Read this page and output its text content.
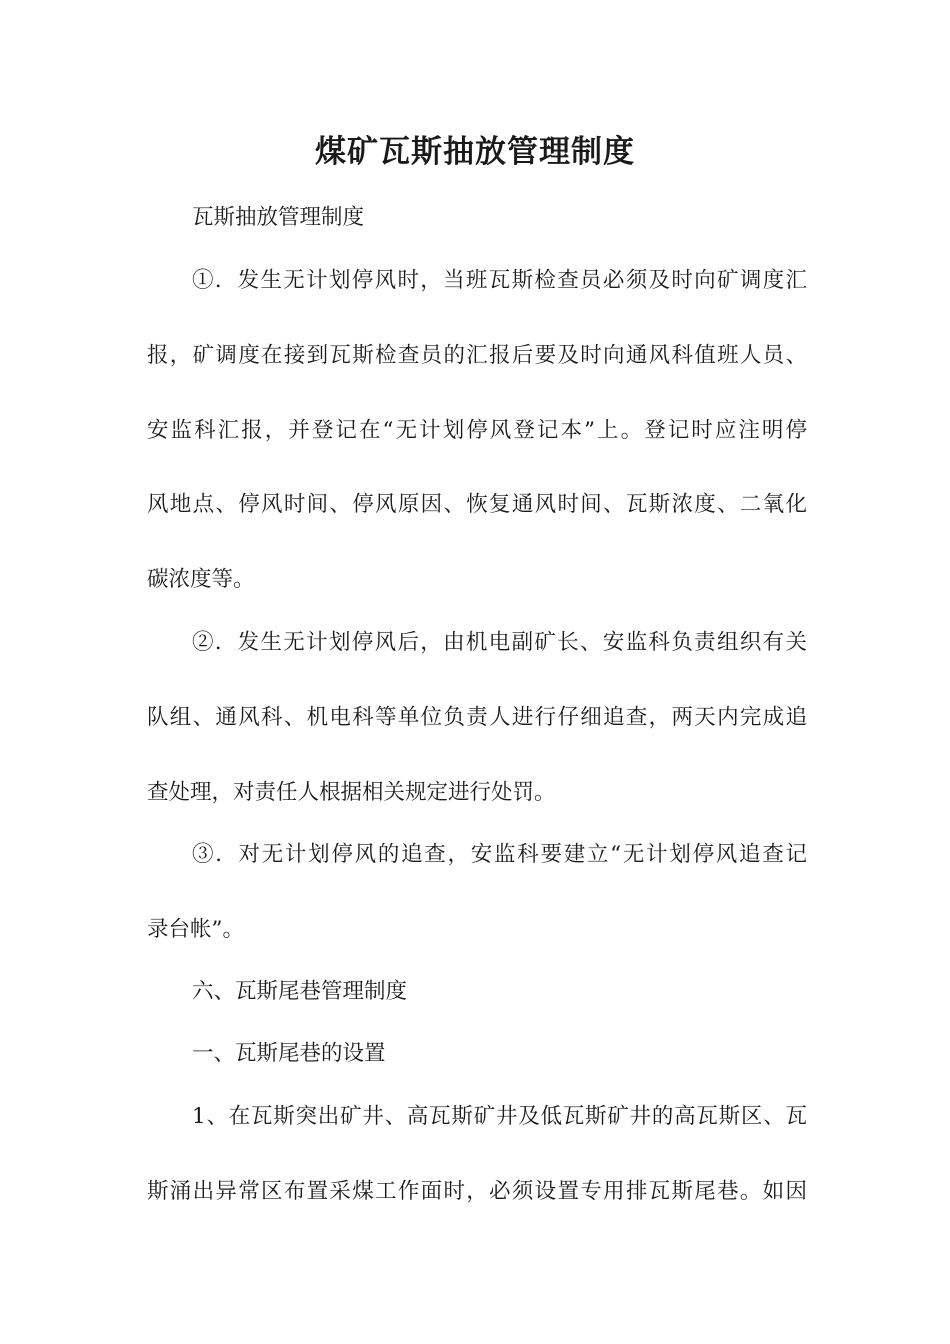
煤矿瓦斯抽放管理制度
瓦斯抽放管理制度
①．发生无计划停风时，当班瓦斯检查员必须及时向矿调度汇
报，矿调度在接到瓦斯检查员的汇报后要及时向通风科值班人员、
安监科汇报，并登记在“无计划停风登记本”上。登记时应注明停
风地点、停风时间、停风原因、恢复通风时间、瓦斯浓度、二氧化
碳浓度等。
②．发生无计划停风后，由机电副矿长、安监科负责组织有关
队组、通风科、机电科等单位负责人进行仔细追查，两天内完成追
查处理，对责任人根据相关规定进行处罚。
③．对无计划停风的追查，安监科要建立“无计划停风追查记
录台帐”。
六、瓦斯尾巷管理制度
一、瓦斯尾巷的设置
1、在瓦斯突出矿井、高瓦斯矿井及低瓦斯矿井的高瓦斯区、瓦
斯涌出异常区布置采煤工作面时，必须设置专用排瓦斯尾巷。如因
